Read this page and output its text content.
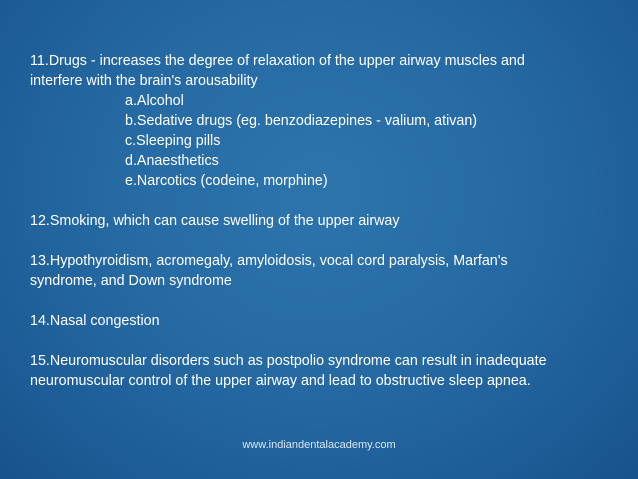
11.Drugs - increases the degree of relaxation of the upper airway muscles and
interfere with the brain's arousability
a.Alcohol
b.Sedative drugs (eg. benzodiazepines - valium, ativan)
c.Sleeping pills
d.Anaesthetics
e.Narcotics (codeine, morphine)
12.Smoking, which can cause swelling of the upper airway
13.Hypothyroidism, acromegaly, amyloidosis, vocal cord paralysis, Marfan's
syndrome, and Down syndrome
14.Nasal congestion
15.Neuromuscular disorders such as postpolio syndrome can result in inadequate
neuromuscular control of the upper airway and lead to obstructive sleep apnea.
www.indiandentalacademy.com
